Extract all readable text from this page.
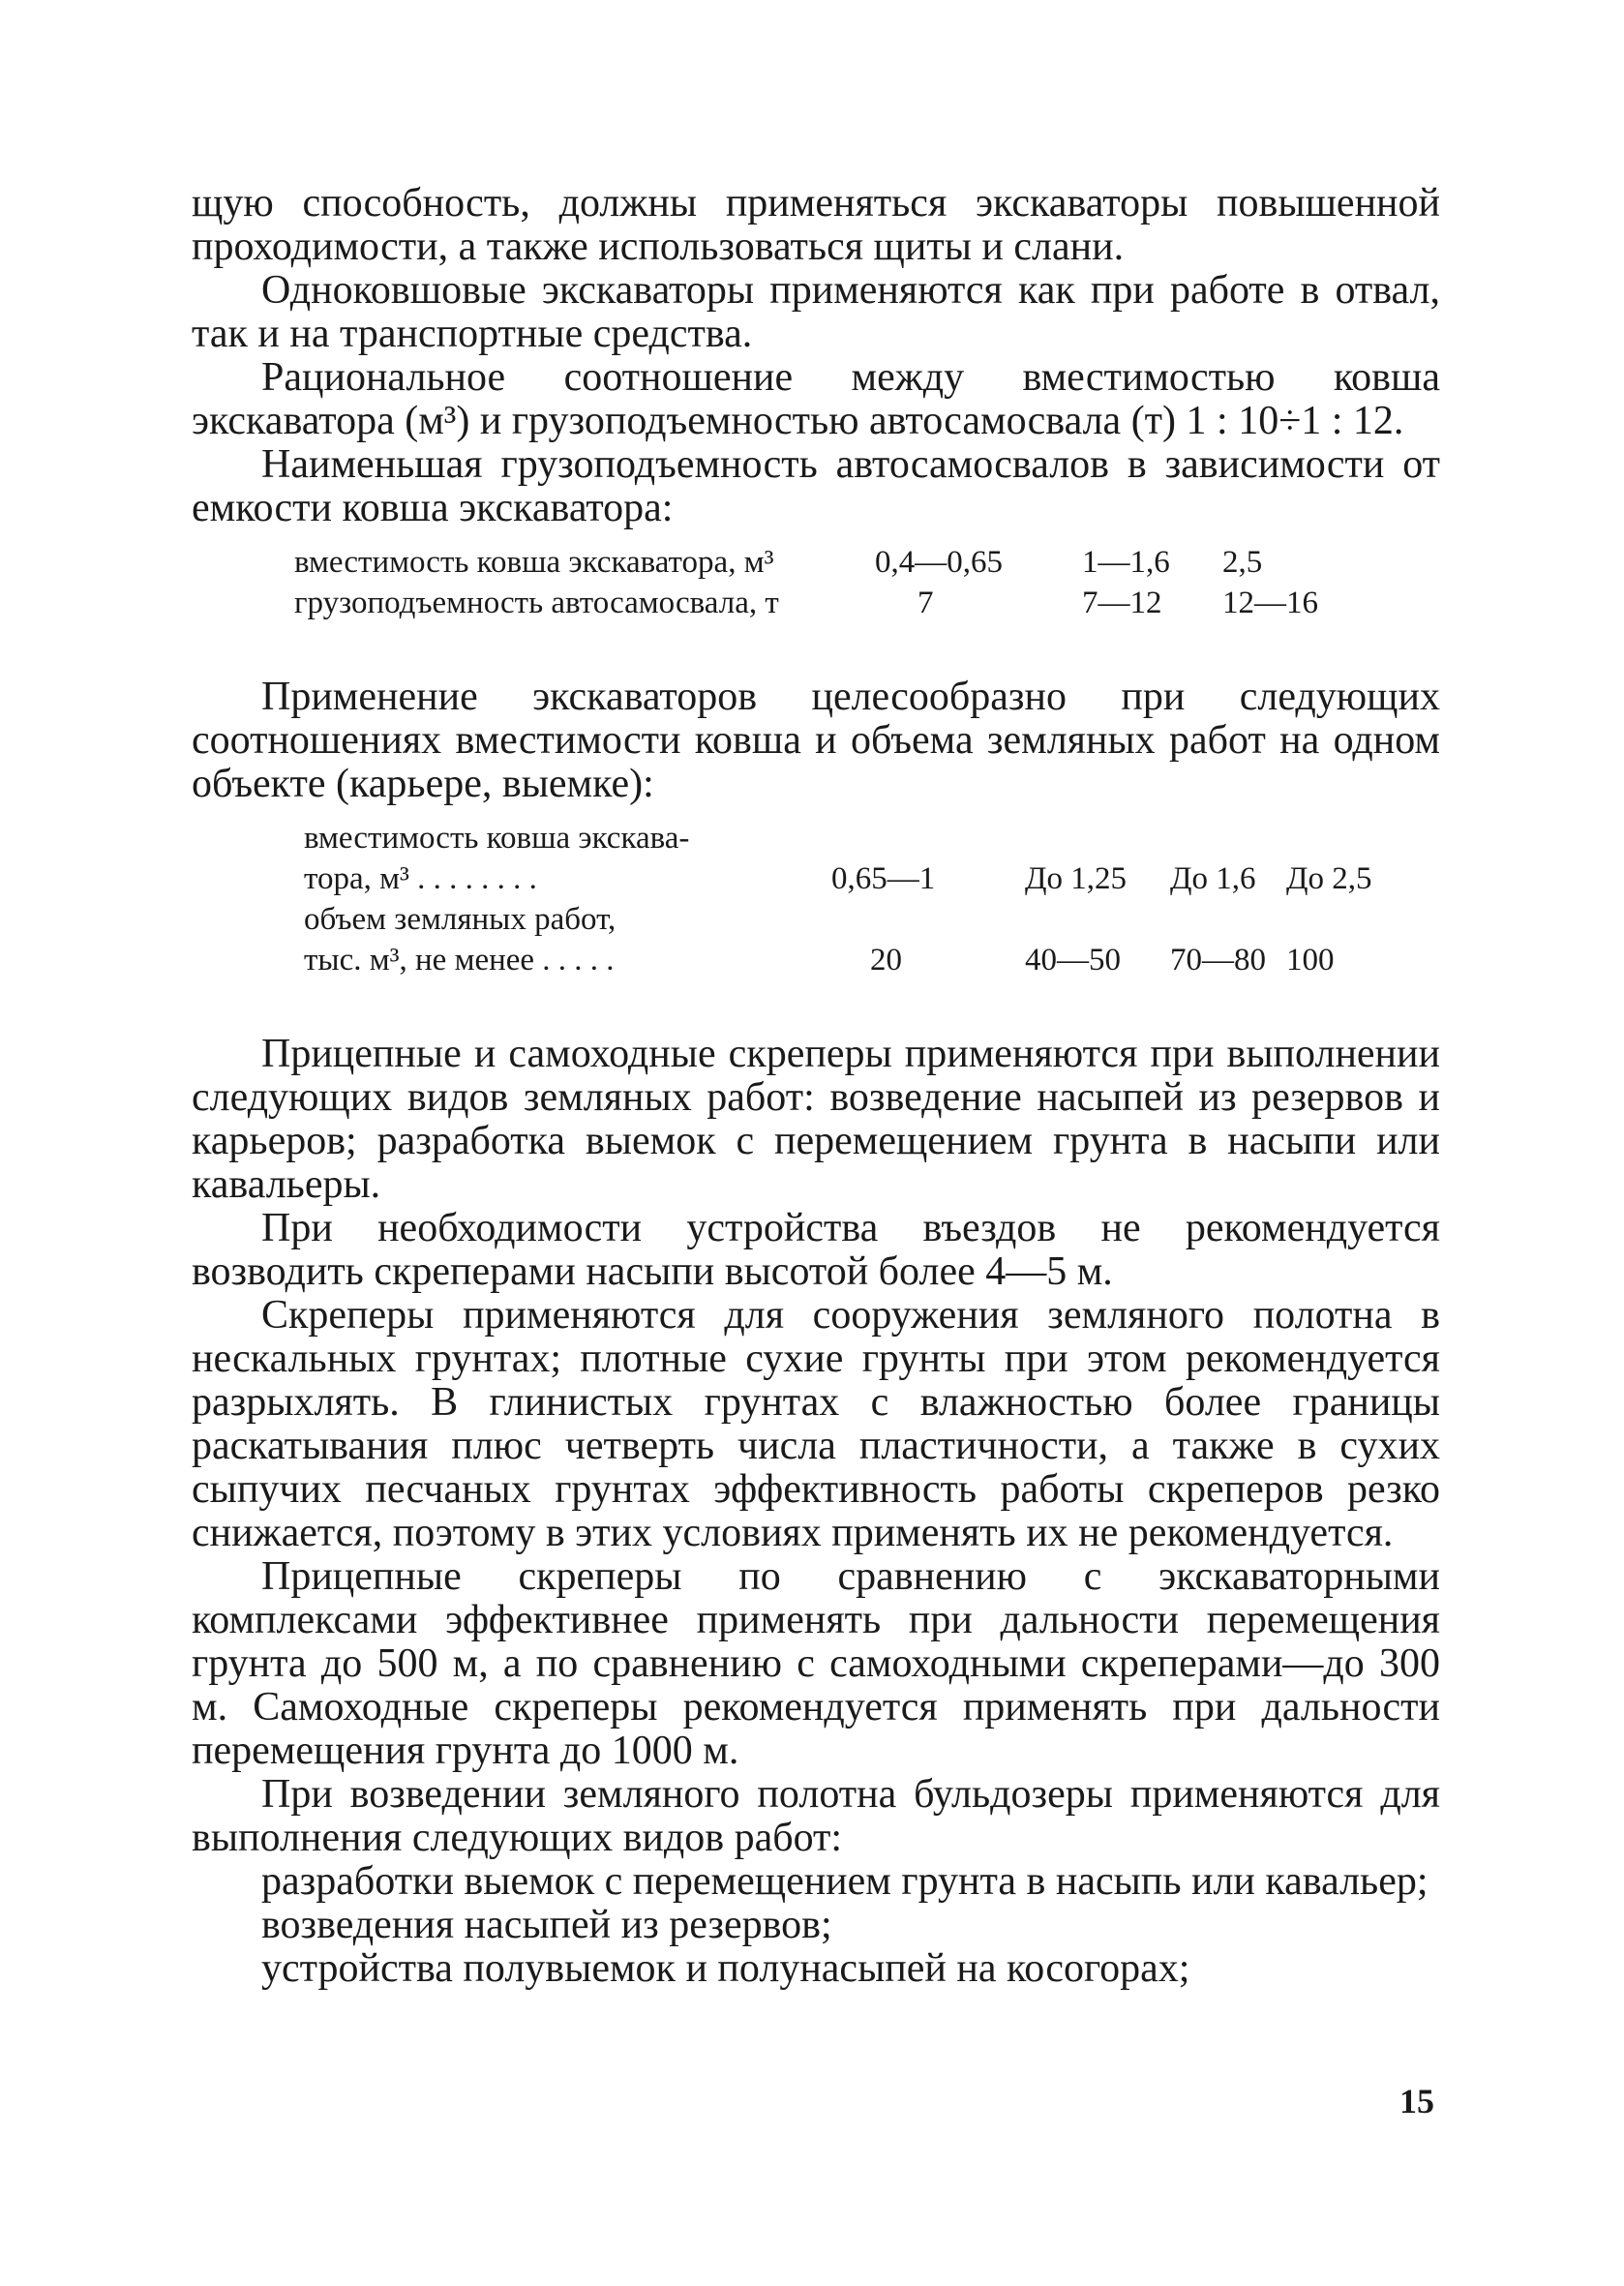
щую способность, должны применяться экскаваторы повышенной проходимости, а также использоваться щиты и слани.

Одноковшовые экскаваторы применяются как при работе в отвал, так и на транспортные средства.

Рациональное соотношение между вместимостью ковша экскаватора (м³) и грузоподъемностью автосамосвала (т) 1 : 10÷1 : 12.

Наименьшая грузоподъемность автосамосвалов в зависимости от емкости ковша экскаватора:

вместимость ковша экскаватора, м³	0,4—0,65	1—1,6	2,5
грузоподъемность автосамосвала, т	7	7—12	12—16

Применение экскаваторов целесообразно при следующих соотношениях вместимости ковша и объема земляных работ на одном объекте (карьере, выемке):

вместимость ковша экскава-				
тора, м³ . . . . . . . .	0,65—1	До 1,25	До 1,6	До 2,5
объем земляных работ,				
тыс. м³, не менее . . . . .	20	40—50	70—80	100

Прицепные и самоходные скреперы применяются при выполнении следующих видов земляных работ: возведение насыпей из резервов и карьеров; разработка выемок с перемещением грунта в насыпи или кавальеры.

При необходимости устройства въездов не рекомендуется возводить скреперами насыпи высотой более 4—5 м.

Скреперы применяются для сооружения земляного полотна в нескальных грунтах; плотные сухие грунты при этом рекомендуется разрыхлять. В глинистых грунтах с влажностью более границы раскатывания плюс четверть числа пластичности, а также в сухих сыпучих песчаных грунтах эффективность работы скреперов резко снижается, поэтому в этих условиях применять их не рекомендуется.

Прицепные скреперы по сравнению с экскаваторными комплексами эффективнее применять при дальности перемещения грунта до 500 м, а по сравнению с самоходными скреперами—до 300 м. Самоходные скреперы рекомендуется применять при дальности перемещения грунта до 1000 м.

При возведении земляного полотна бульдозеры применяются для выполнения следующих видов работ:

разработки выемок с перемещением грунта в насыпь или кавальер;

возведения насыпей из резервов;

устройства полувыемок и полунасыпей на косогорах;

15
